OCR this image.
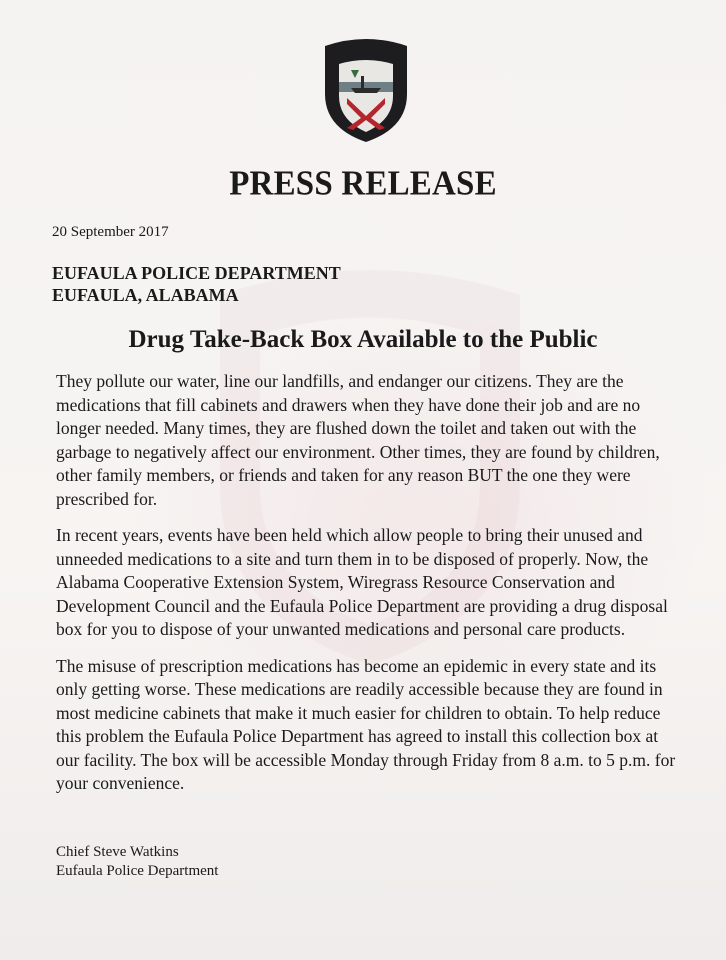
PRESS RELEASE
20 September 2017
EUFAULA POLICE DEPARTMENT
EUFAULA, ALABAMA
Drug Take-Back Box Available to the Public

They pollute our water, line our landfills, and endanger our citizens. They are the medications that fill cabinets and drawers when they have done their job and are no longer needed. Many times, they are flushed down the toilet and taken out with the garbage to negatively affect our environment. Other times, they are found by children, other family members, or friends and taken for any reason BUT the one they were prescribed for.

In recent years, events have been held which allow people to bring their unused and unneeded medications to a site and turn them in to be disposed of properly. Now, the Alabama Cooperative Extension System, Wiregrass Resource Conservation and Development Council and the Eufaula Police Department are providing a drug disposal box for you to dispose of your unwanted medications and personal care products.

The misuse of prescription medications has become an epidemic in every state and its only getting worse. These medications are readily accessible because they are found in most medicine cabinets that make it much easier for children to obtain. To help reduce this problem the Eufaula Police Department has agreed to install this collection box at our facility. The box will be accessible Monday through Friday from 8 a.m. to 5 p.m. for your convenience.

Chief Steve Watkins
Eufaula Police Department
